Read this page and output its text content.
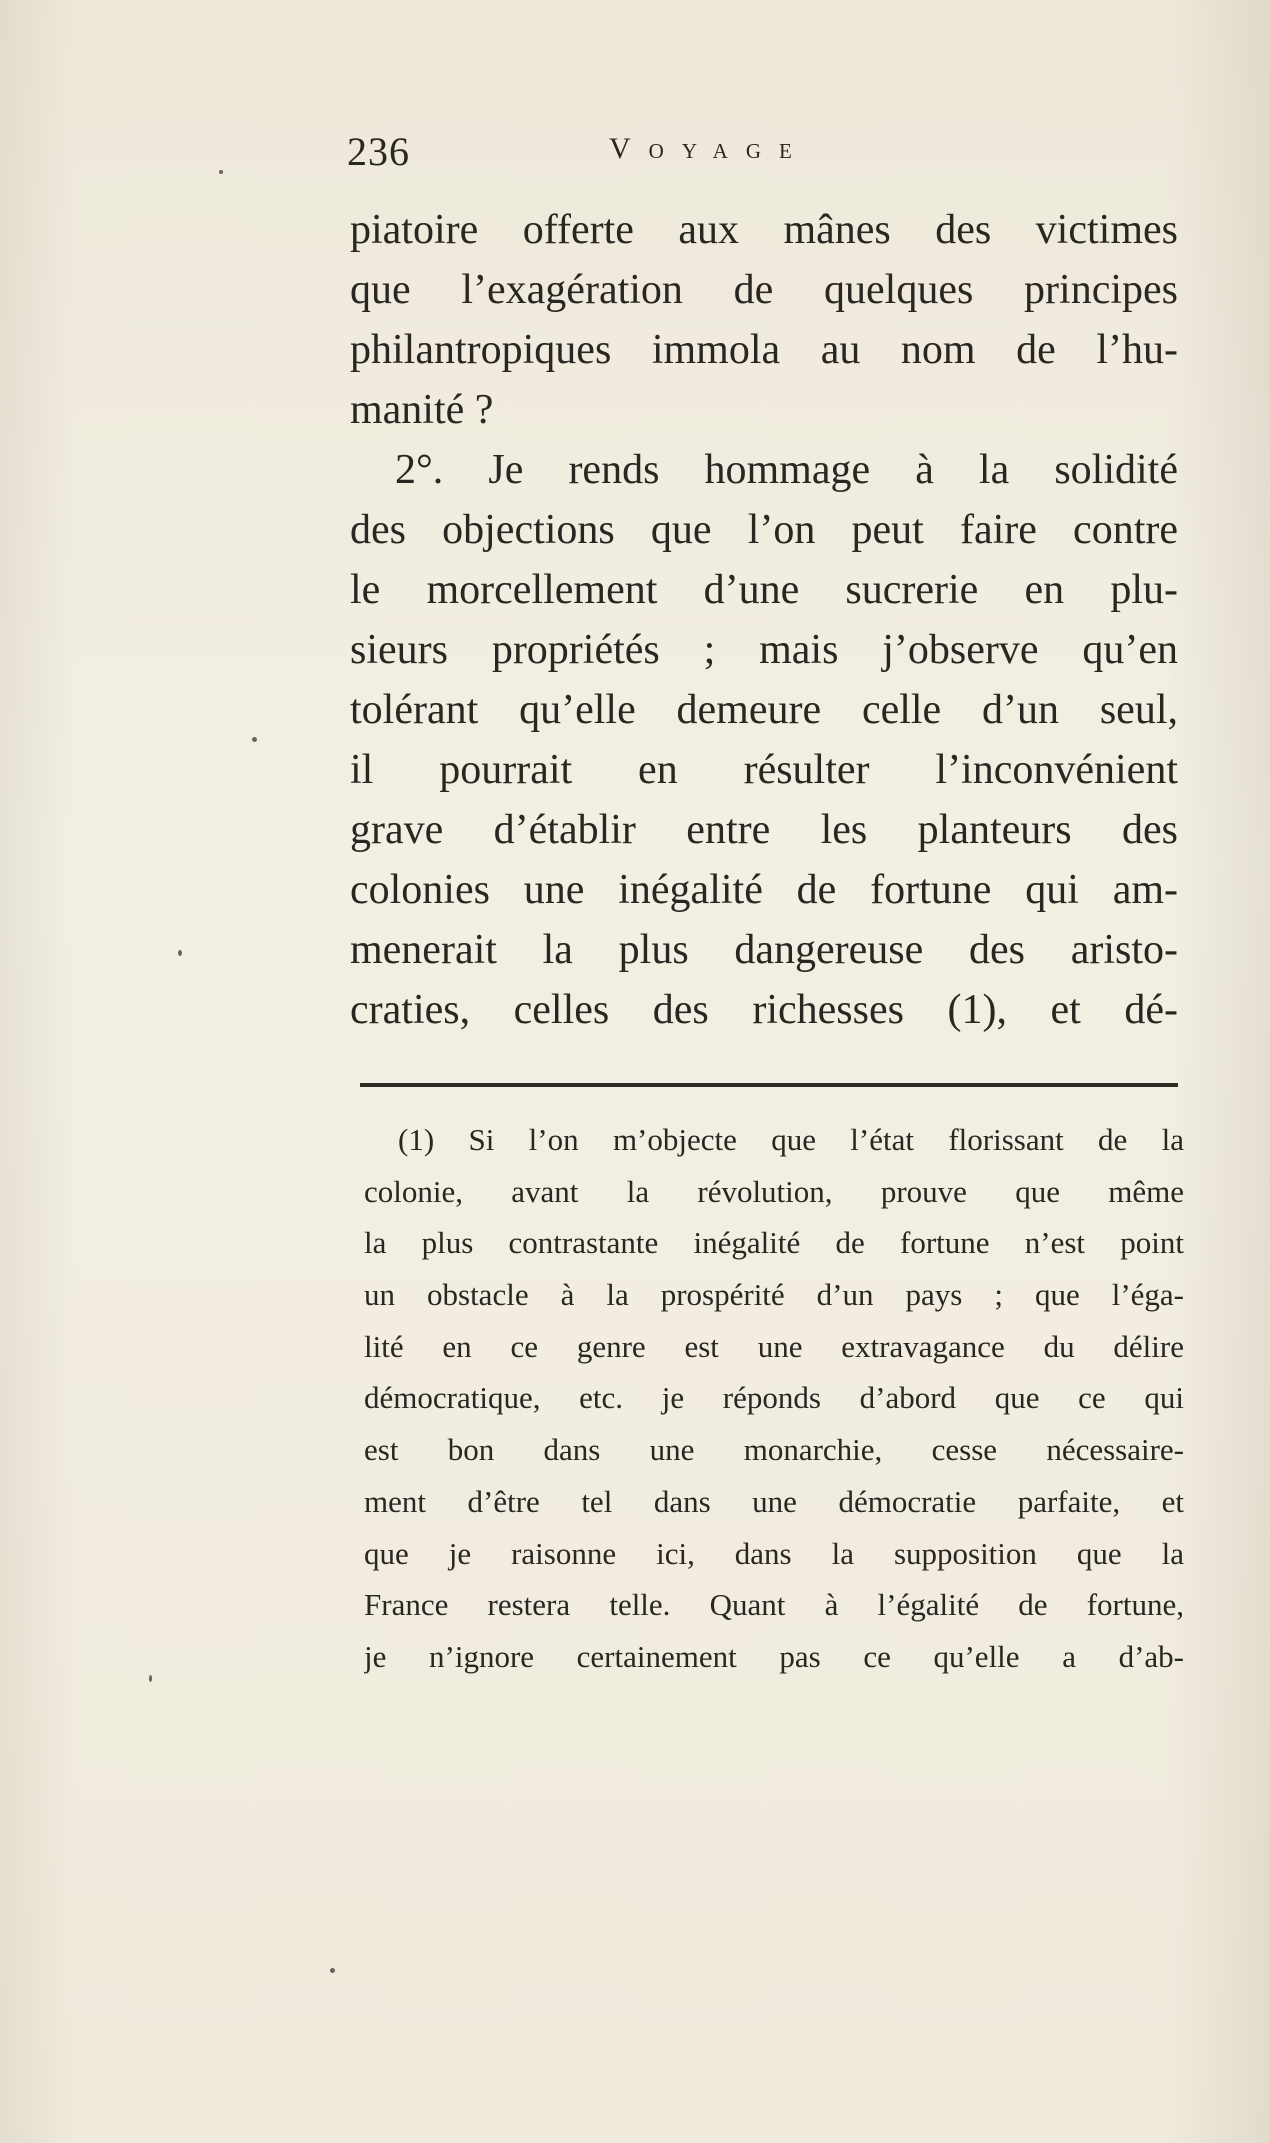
236	Voyage
piatoire offerte aux mânes des victimes
que l’exagération de quelques principes
philantropiques immola au nom de l’hu-
manité ?
2°. Je rends hommage à la solidité
des objections que l’on peut faire contre
le morcellement d’une sucrerie en plu-
sieurs propriétés ; mais j’observe qu’en
tolérant qu’elle demeure celle d’un seul,
il pourrait en résulter l’inconvénient
grave d’établir entre les planteurs des
colonies une inégalité de fortune qui am-
menerait la plus dangereuse des aristo-
craties, celles des richesses (1), et dé-
(1) Si l’on m’objecte que l’état florissant de la
colonie, avant la révolution, prouve que même
la plus contrastante inégalité de fortune n’est point
un obstacle à la prospérité d’un pays ; que l’éga-
lité en ce genre est une extravagance du délire
démocratique, etc. je réponds d’abord que ce qui
est bon dans une monarchie, cesse nécessaire-
ment d’être tel dans une démocratie parfaite, et
que je raisonne ici, dans la supposition que la
France restera telle. Quant à l’égalité de fortune,
je n’ignore certainement pas ce qu’elle a d’ab-
